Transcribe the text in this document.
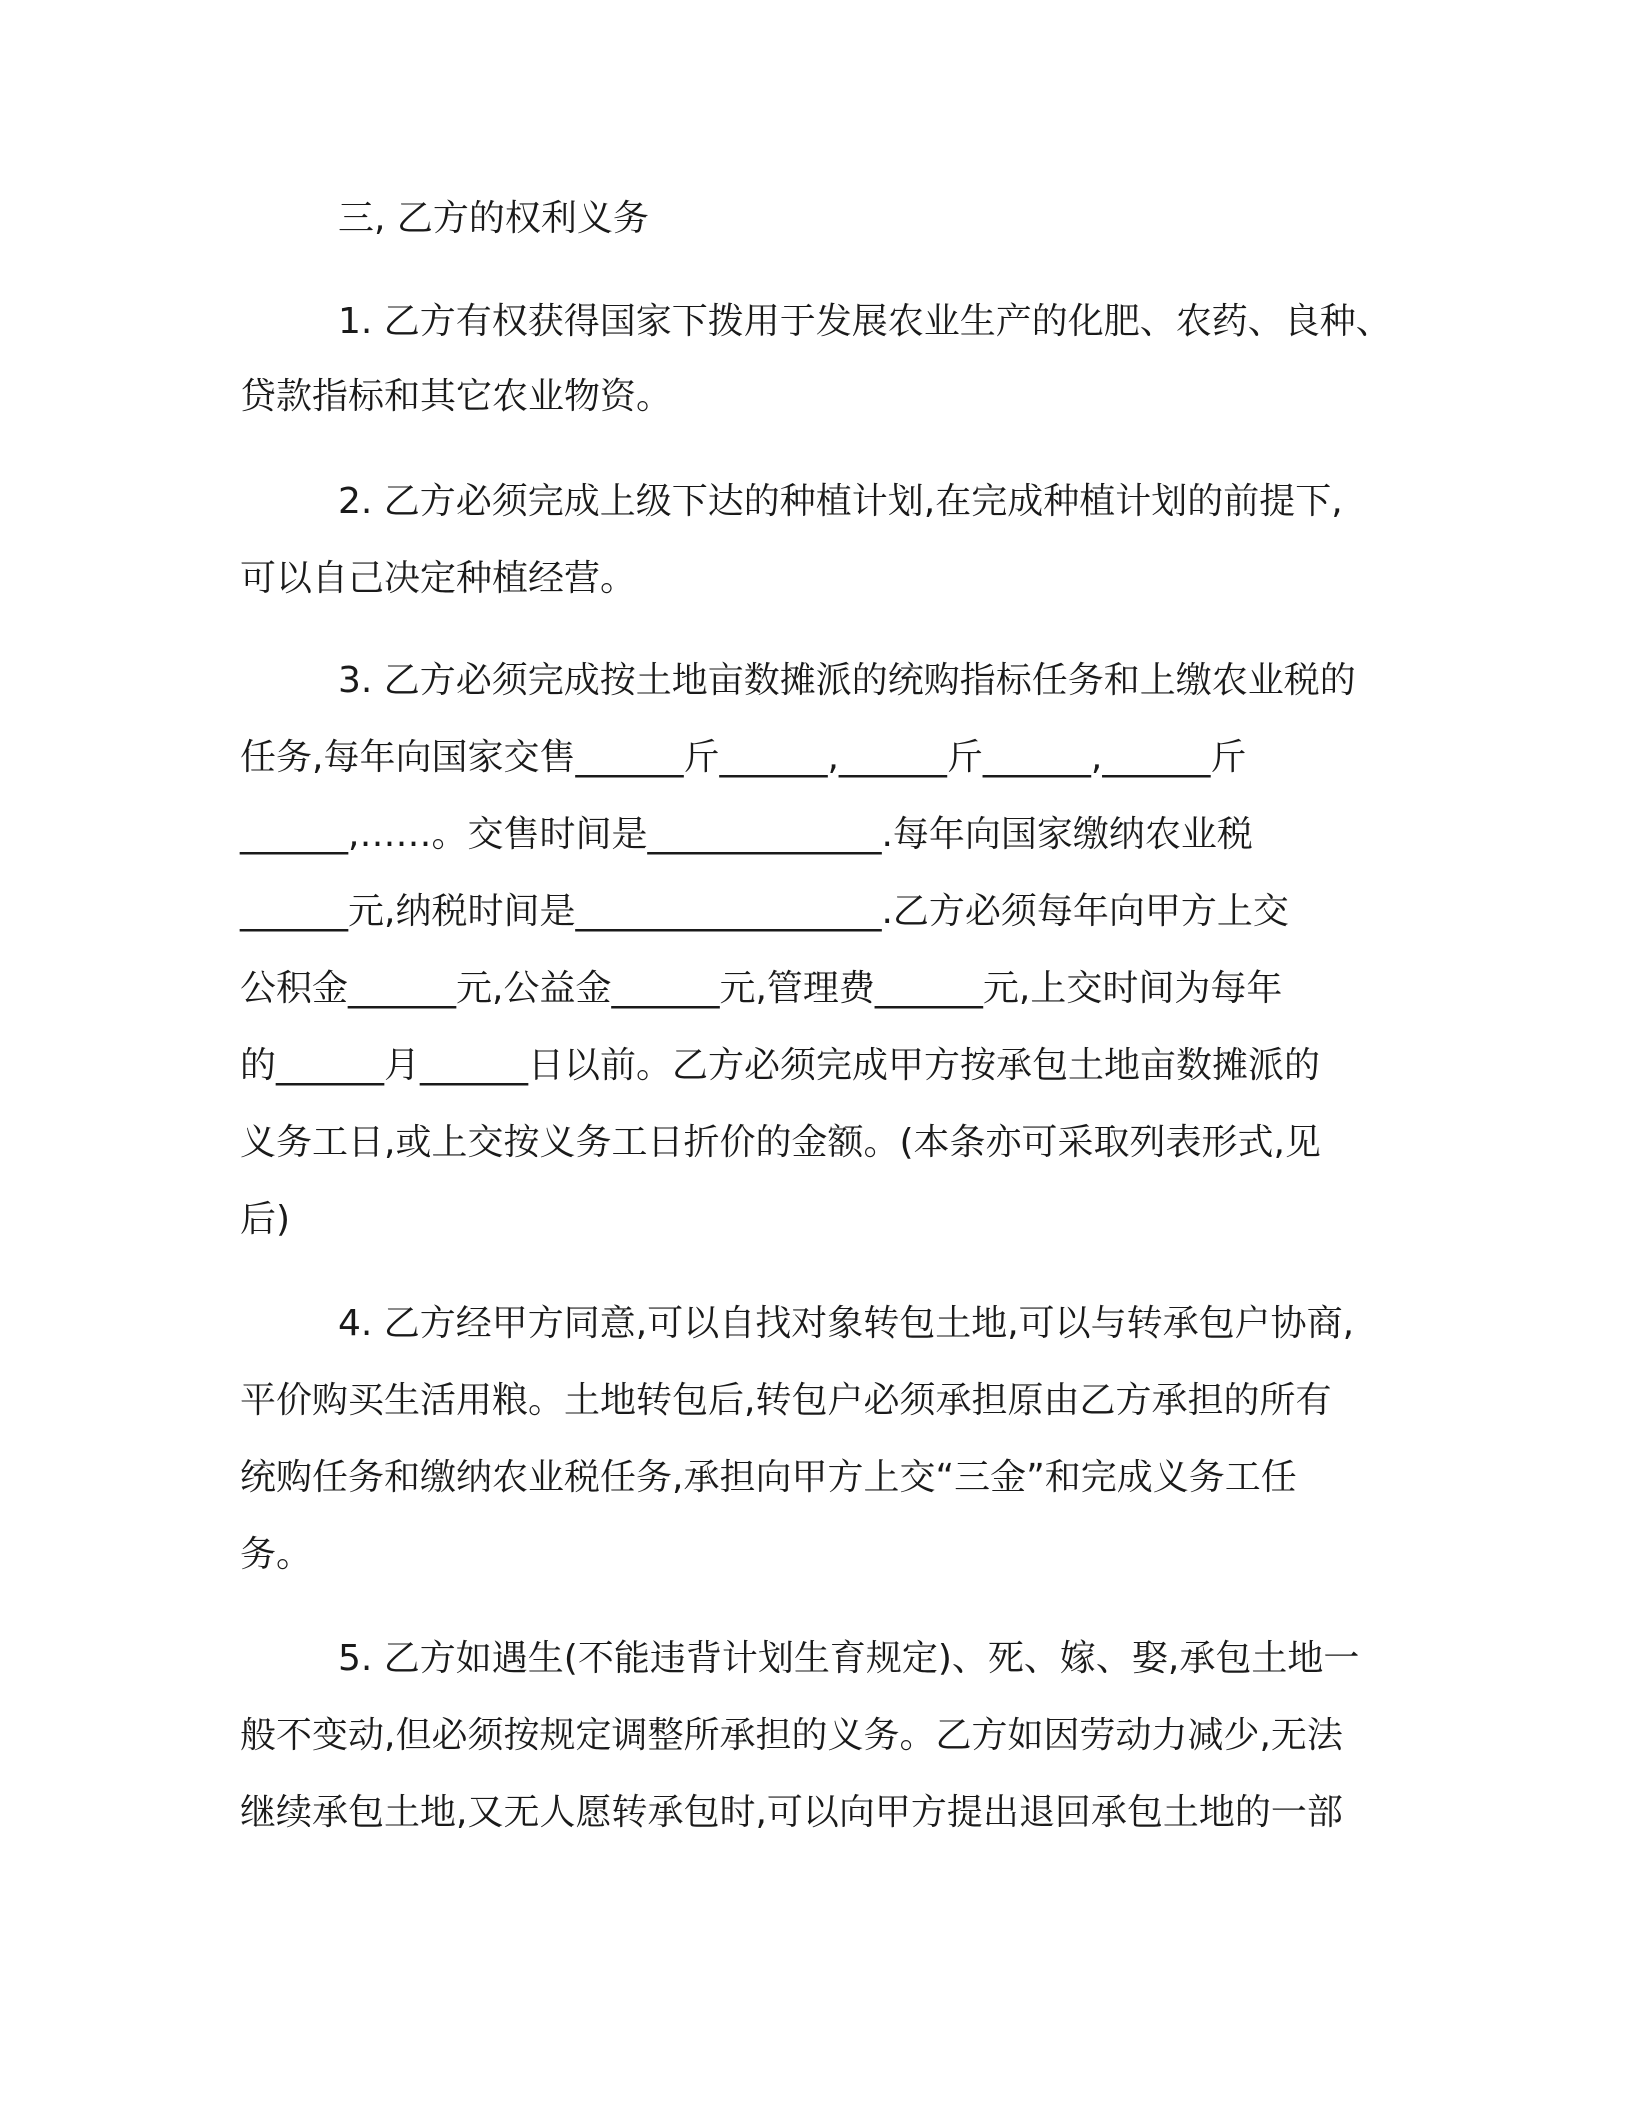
三, 乙方的权利义务
1. 乙方有权获得国家下拨用于发展农业生产的化肥、农药、良种、
贷款指标和其它农业物资。
2. 乙方必须完成上级下达的种植计划,在完成种植计划的前提下,
可以自己决定种植经营。
3. 乙方必须完成按土地亩数摊派的统购指标任务和上缴农业税的
任务,每年向国家交售______斤______,______斤______,______斤
______,……。交售时间是_____________.每年向国家缴纳农业税
______元,纳税时间是_________________.乙方必须每年向甲方上交
公积金______元,公益金______元,管理费______元,上交时间为每年
的______月______日以前。乙方必须完成甲方按承包土地亩数摊派的
义务工日,或上交按义务工日折价的金额。(本条亦可采取列表形式,见
后)
4. 乙方经甲方同意,可以自找对象转包土地,可以与转承包户协商,
平价购买生活用粮。土地转包后,转包户必须承担原由乙方承担的所有
统购任务和缴纳农业税任务,承担向甲方上交“三金”和完成义务工任
务。
5. 乙方如遇生(不能违背计划生育规定)、死、嫁、娶,承包土地一
般不变动,但必须按规定调整所承担的义务。乙方如因劳动力减少,无法
继续承包土地,又无人愿转承包时,可以向甲方提出退回承包土地的一部
